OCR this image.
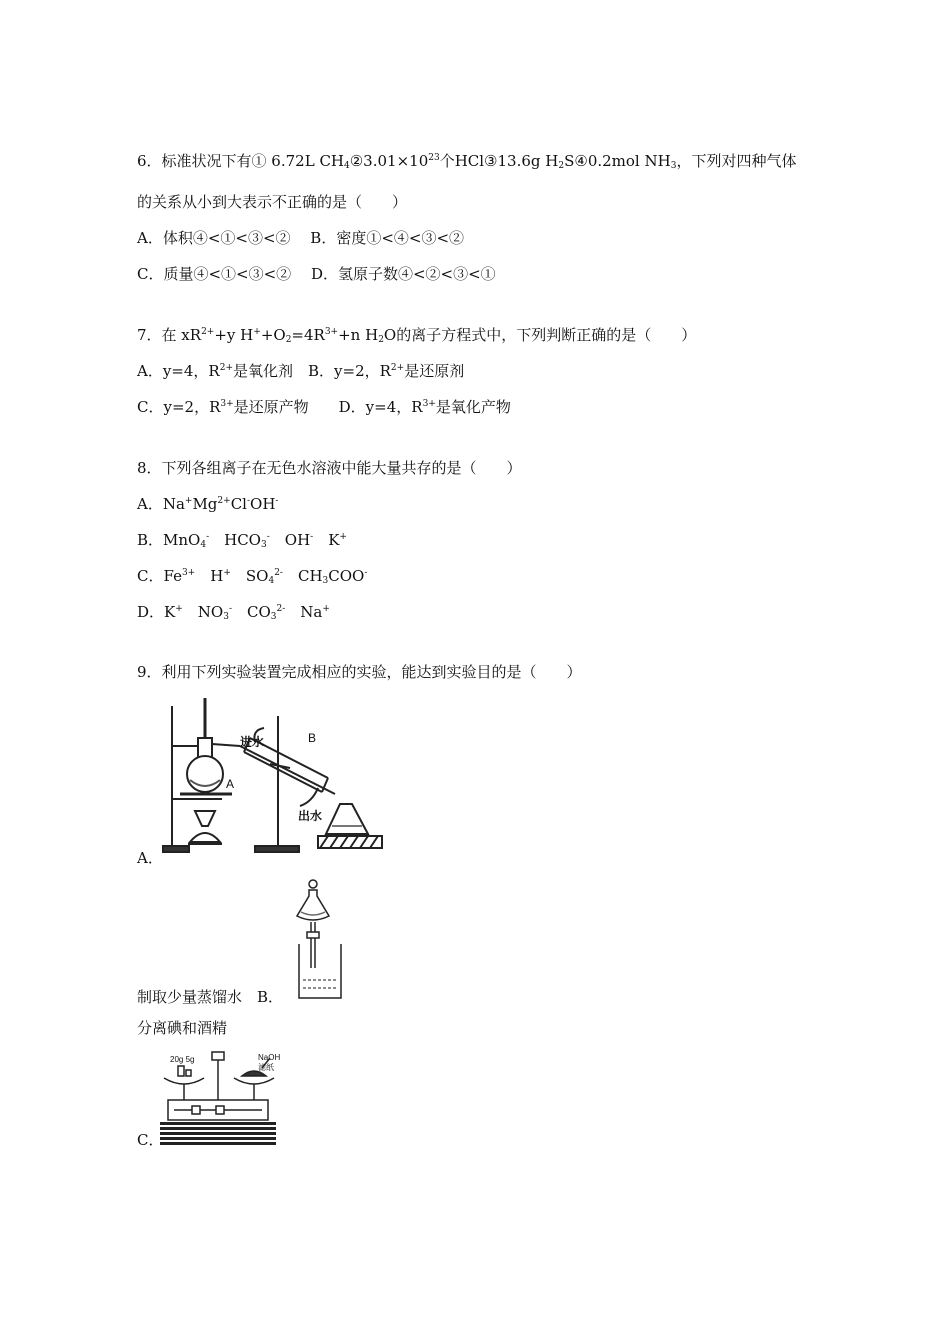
6．标准状况下有① 6.72L $CH_4②3.01\times 10^{23}$个HCl③13.6g $H_2S④0.2mol$ $NH_3$，下列对四种气体
的关系从小到大表示不正确的是（　　）
A．体积④<①<③<②　 B．密度①<④<③<②
C．质量④<①<③<②　 D．氢原子数④<②<③<①
7．在 $xR^{2+}+y$ $H^++O_2=4R^{3+}+n$ $H_2O$的离子方程式中，下列判断正确的是（　　）
A．y=4，$R^{2+}$是氧化剂　B．y=2，$R^{2+}$是还原剂
C．y=2，$R^{3+}$是还原产物　　D．y=4，$R^{3+}$是氧化产物
8．下列各组离子在无色水溶液中能大量共存的是（　　）
A．$Na^+Mg^{2+}Cl^-OH^-$
B．MnO$_4$-　$HCO_3^-$　OH-　K+
C．$Fe^{3+}$　H+　$SO_4^{2-}$　$CH_3COO^-$
D．K+　$NO_3^-$　$CO_3^{2-}$　Na+
9．利用下列实验装置完成相应的实验，能达到实验目的是（　　）
A
B
进水
出水
A．
制取少量蒸馏水　B．
分离碘和酒精
20g 5g	NaOH
滤纸
C．
